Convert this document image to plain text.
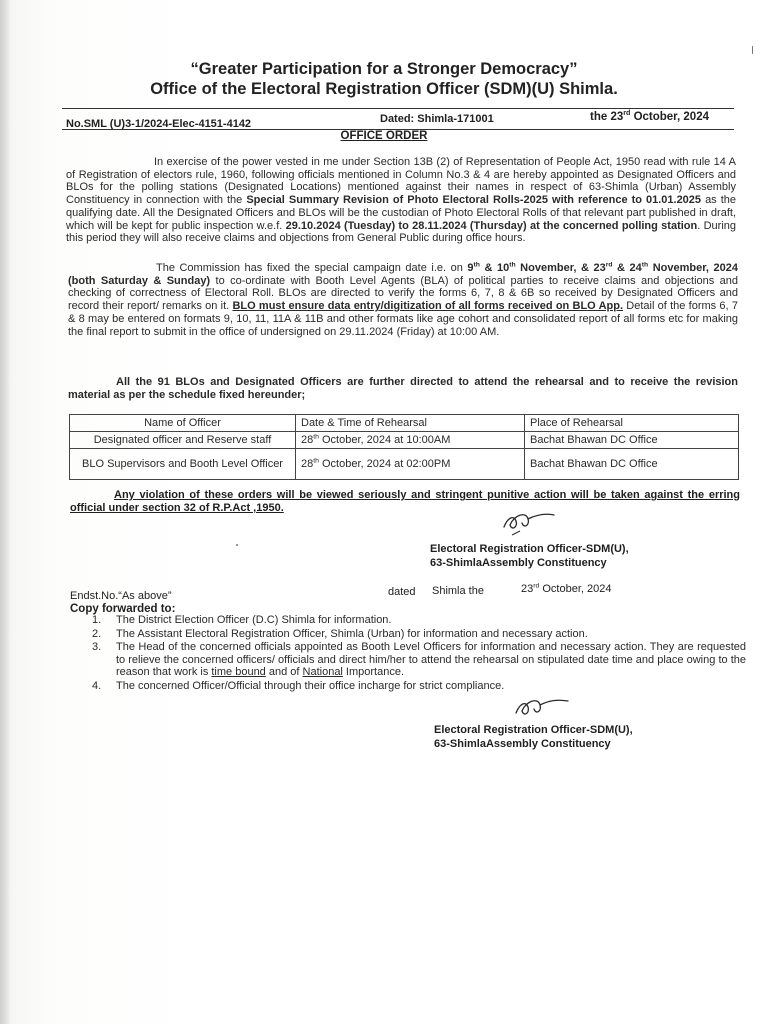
“Greater Participation for a Stronger Democracy”
Office of the Electoral Registration Officer (SDM)(U) Shimla.
No.SML (U)3-1/2024-Elec-4151-4142	Dated: Shimla-171001	the 23rd October, 2024
OFFICE ORDER
In exercise of the power vested in me under Section 13B (2) of Representation of People Act, 1950 read with rule 14 A of Registration of electors rule, 1960, following officials mentioned in Column No.3 & 4 are hereby appointed as Designated Officers and BLOs for the polling stations (Designated Locations) mentioned against their names in respect of 63-Shimla (Urban) Assembly Constituency in connection with the Special Summary Revision of Photo Electoral Rolls-2025 with reference to 01.01.2025 as the qualifying date. All the Designated Officers and BLOs will be the custodian of Photo Electoral Rolls of that relevant part published in draft, which will be kept for public inspection w.e.f. 29.10.2024 (Tuesday) to 28.11.2024 (Thursday) at the concerned polling station. During this period they will also receive claims and objections from General Public during office hours.
The Commission has fixed the special campaign date i.e. on 9th & 10th November, & 23rd & 24th November, 2024 (both Saturday & Sunday) to co-ordinate with Booth Level Agents (BLA) of political parties to receive claims and objections and checking of correctness of Electoral Roll. BLOs are directed to verify the forms 6, 7, 8 & 6B so received by Designated Officers and record their report/ remarks on it. BLO must ensure data entry/digitization of all forms received on BLO App. Detail of the forms 6, 7 & 8 may be entered on formats 9, 10, 11, 11A & 11B and other formats like age cohort and consolidated report of all forms etc for making the final report to submit in the office of undersigned on 29.11.2024 (Friday) at 10:00 AM.
All the 91 BLOs and Designated Officers are further directed to attend the rehearsal and to receive the revision material as per the schedule fixed hereunder;
Name of Officer	Date & Time of Rehearsal	Place of Rehearsal
Designated officer and Reserve staff	28th October, 2024 at 10:00AM	Bachat Bhawan DC Office
BLO Supervisors and Booth Level Officer	28th October, 2024 at 02:00PM	Bachat Bhawan DC Office
Any violation of these orders will be viewed seriously and stringent punitive action will be taken against the erring official under section 32 of R.P.Act ,1950.
Electoral Registration Officer-SDM(U),
63-ShimlaAssembly Constituency
Endst.No.“As above”	dated Shimla the	23rd October, 2024
Copy forwarded to:
1. The District Election Officer (D.C) Shimla for information.
2. The Assistant Electoral Registration Officer, Shimla (Urban) for information and necessary action.
3. The Head of the concerned officials appointed as Booth Level Officers for information and necessary action. They are requested to relieve the concerned officers/ officials and direct him/her to attend the rehearsal on stipulated date time and place owing to the reason that work is time bound and of National Importance.
4. The concerned Officer/Official through their office incharge for strict compliance.
Electoral Registration Officer-SDM(U),
63-ShimlaAssembly Constituency
